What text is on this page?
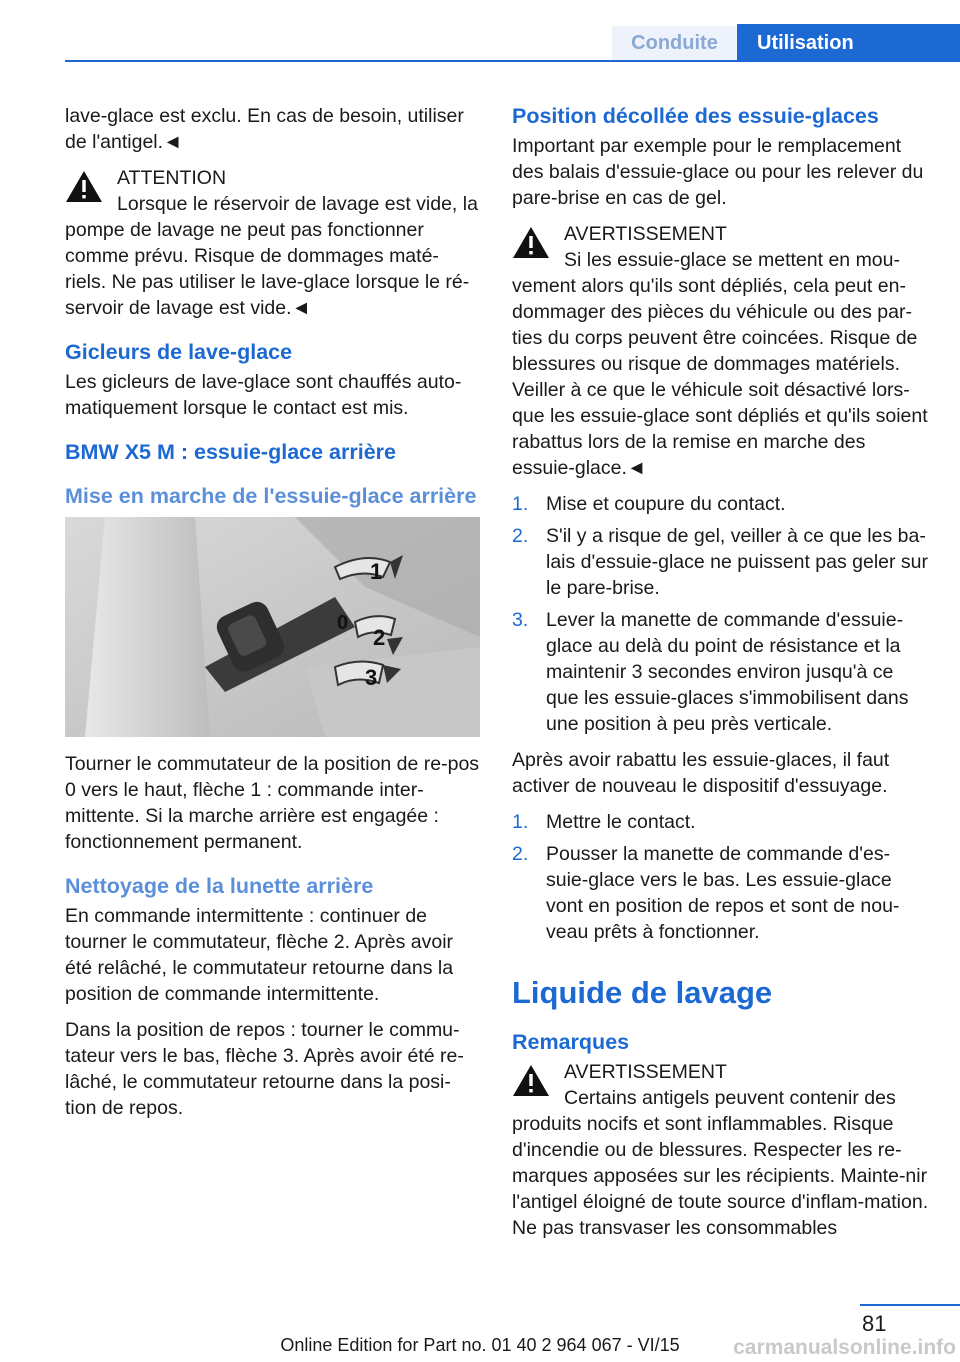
Conduite	Utilisation

lave-glace est exclu. En cas de besoin, utiliser de l'antigel.◄

ATTENTION
Lorsque le réservoir de lavage est vide, la pompe de lavage ne peut pas fonctionner comme prévu. Risque de dommages maté-riels. Ne pas utiliser le lave-glace lorsque le ré-servoir de lavage est vide.◄
Gicleurs de lave-glace

Les gicleurs de lave-glace sont chauffés auto-matiquement lorsque le contact est mis.

BMW X5 M : essuie-glace arrière
Mise en marche de l'essuie-glace arrière
1
0
2
3

Tourner le commutateur de la position de re-pos 0 vers le haut, flèche 1 : commande inter-mittente. Si la marche arrière est engagée : fonctionnement permanent.

Nettoyage de la lunette arrière

En commande intermittente : continuer de tourner le commutateur, flèche 2. Après avoir été relâché, le commutateur retourne dans la position de commande intermittente.

Dans la position de repos : tourner le commu-tateur vers le bas, flèche 3. Après avoir été re-lâché, le commutateur retourne dans la posi-tion de repos.

Position décollée des essuie-glaces

Important par exemple pour le remplacement des balais d'essuie-glace ou pour les relever du pare-brise en cas de gel.

AVERTISSEMENT
Si les essuie-glace se mettent en mou-vement alors qu'ils sont dépliés, cela peut en-dommager des pièces du véhicule ou des par-ties du corps peuvent être coincées. Risque de blessures ou risque de dommages matériels. Veiller à ce que le véhicule soit désactivé lors-que les essuie-glace sont dépliés et qu'ils soient rabattus lors de la remise en marche des essuie-glace.◄
1. Mise et coupure du contact.
2. S'il y a risque de gel, veiller à ce que les ba-lais d'essuie-glace ne puissent pas geler sur le pare-brise.
3. Lever la manette de commande d'essuie-glace au delà du point de résistance et la maintenir 3 secondes environ jusqu'à ce que les essuie-glaces s'immobilisent dans une position à peu près verticale.

Après avoir rabattu les essuie-glaces, il faut activer de nouveau le dispositif d'essuyage.

1. Mettre le contact.
2. Pousser la manette de commande d'es-suie-glace vers le bas. Les essuie-glace vont en position de repos et sont de nou-veau prêts à fonctionner.
Liquide de lavage
Remarques
AVERTISSEMENT
Certains antigels peuvent contenir des produits nocifs et sont inflammables. Risque d'incendie ou de blessures. Respecter les re-marques apposées sur les récipients. Mainte-nir l'antigel éloigné de toute source d'inflam-mation. Ne pas transvaser les consommables
81
Online Edition for Part no. 01 40 2 964 067 - VI/15	carmanualsonline.info
